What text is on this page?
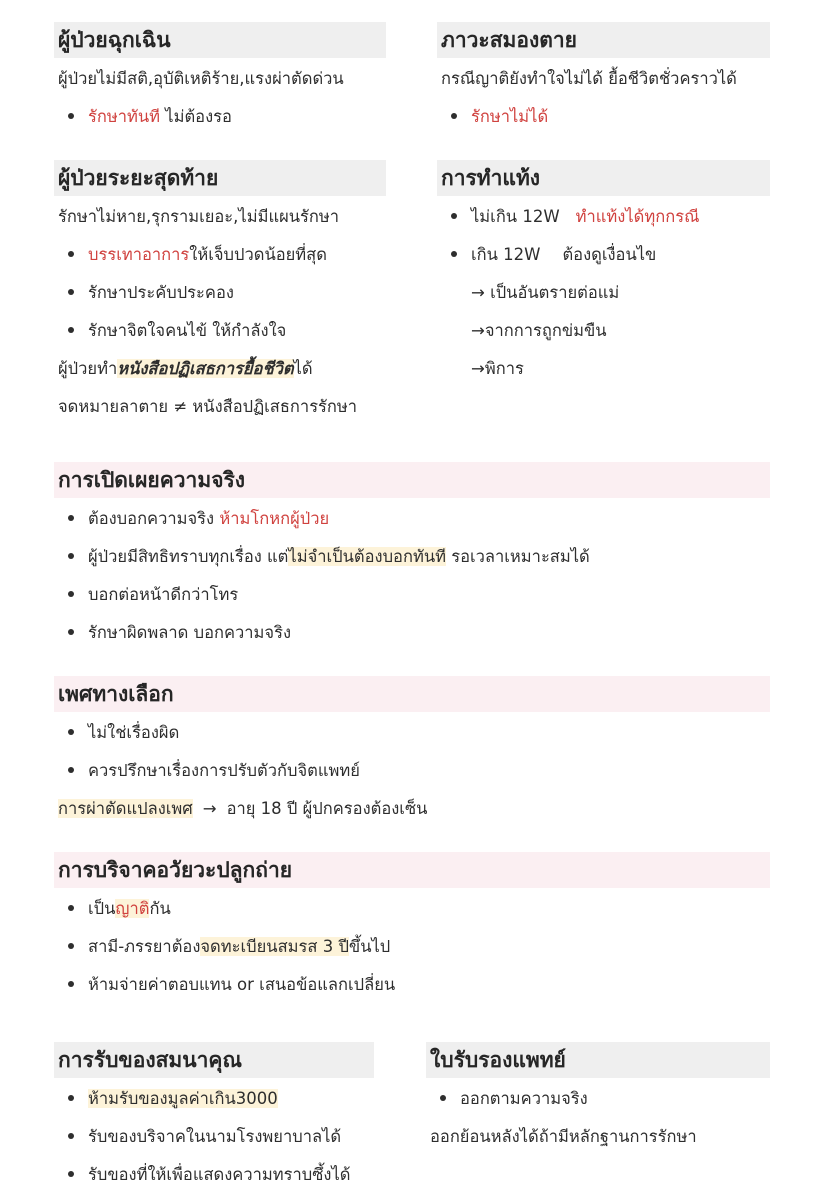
ผู้ป่วยฉุกเฉิน
ผู้ป่วยไม่มีสติ,อุบัติเหติร้าย,แรงผ่าตัดด่วน
รักษาทันที ไม่ต้องรอ
ภาวะสมองตาย
กรณีญาติยังทำใจไม่ได้ ยื้อชีวิตชั่วคราวได้
รักษาไม่ได้
ผู้ป่วยระยะสุดท้าย
รักษาไม่หาย,รุกรามเยอะ,ไม่มีแผนรักษา
บรรเทาอาการให้เจ็บปวดน้อยที่สุด
รักษาประคับประคอง
รักษาจิตใจคนไข้ ให้กำลังใจ
ผู้ป่วยทำหนังสือปฏิเสธการยื้อชีวิตได้
จดหมายลาตาย ≠ หนังสือปฏิเสธการรักษา
การทำแท้ง
ไม่เกิน 12W ทำแท้งได้ทุกกรณี
เกิน 12W ต้องดูเงื่อนไข
→ เป็นอันตรายต่อแม่
→จากการถูกข่มขืน
→พิการ
การเปิดเผยความจริง
ต้องบอกความจริง ห้ามโกหกผู้ป่วย
ผู้ป่วยมีสิทธิทราบทุกเรื่อง แต่ไม่จำเป็นต้องบอกทันที รอเวลาเหมาะสมได้
บอกต่อหน้าดีกว่าโทร
รักษาผิดพลาด บอกความจริง
เพศทางเลือก
ไม่ใช่เรื่องผิด
ควรปรึกษาเรื่องการปรับตัวกับจิตแพทย์
การผ่าตัดแปลงเพศ → อายุ 18 ปี ผู้ปกครองต้องเซ็น
การบริจาคอวัยวะปลูกถ่าย
เป็นญาติกัน
สามี-ภรรยาต้องจดทะเบียนสมรส 3 ปีขึ้นไป
ห้ามจ่ายค่าตอบแทน or เสนอข้อแลกเปลี่ยน
การรับของสมนาคุณ
ห้ามรับของมูลค่าเกิน3000
รับของบริจาคในนามโรงพยาบาลได้
รับของที่ให้เพื่อแสดงความทราบซึ้งได้
ใบรับรองแพทย์
ออกตามความจริง
ออกย้อนหลังได้ถ้ามีหลักฐานการรักษา
